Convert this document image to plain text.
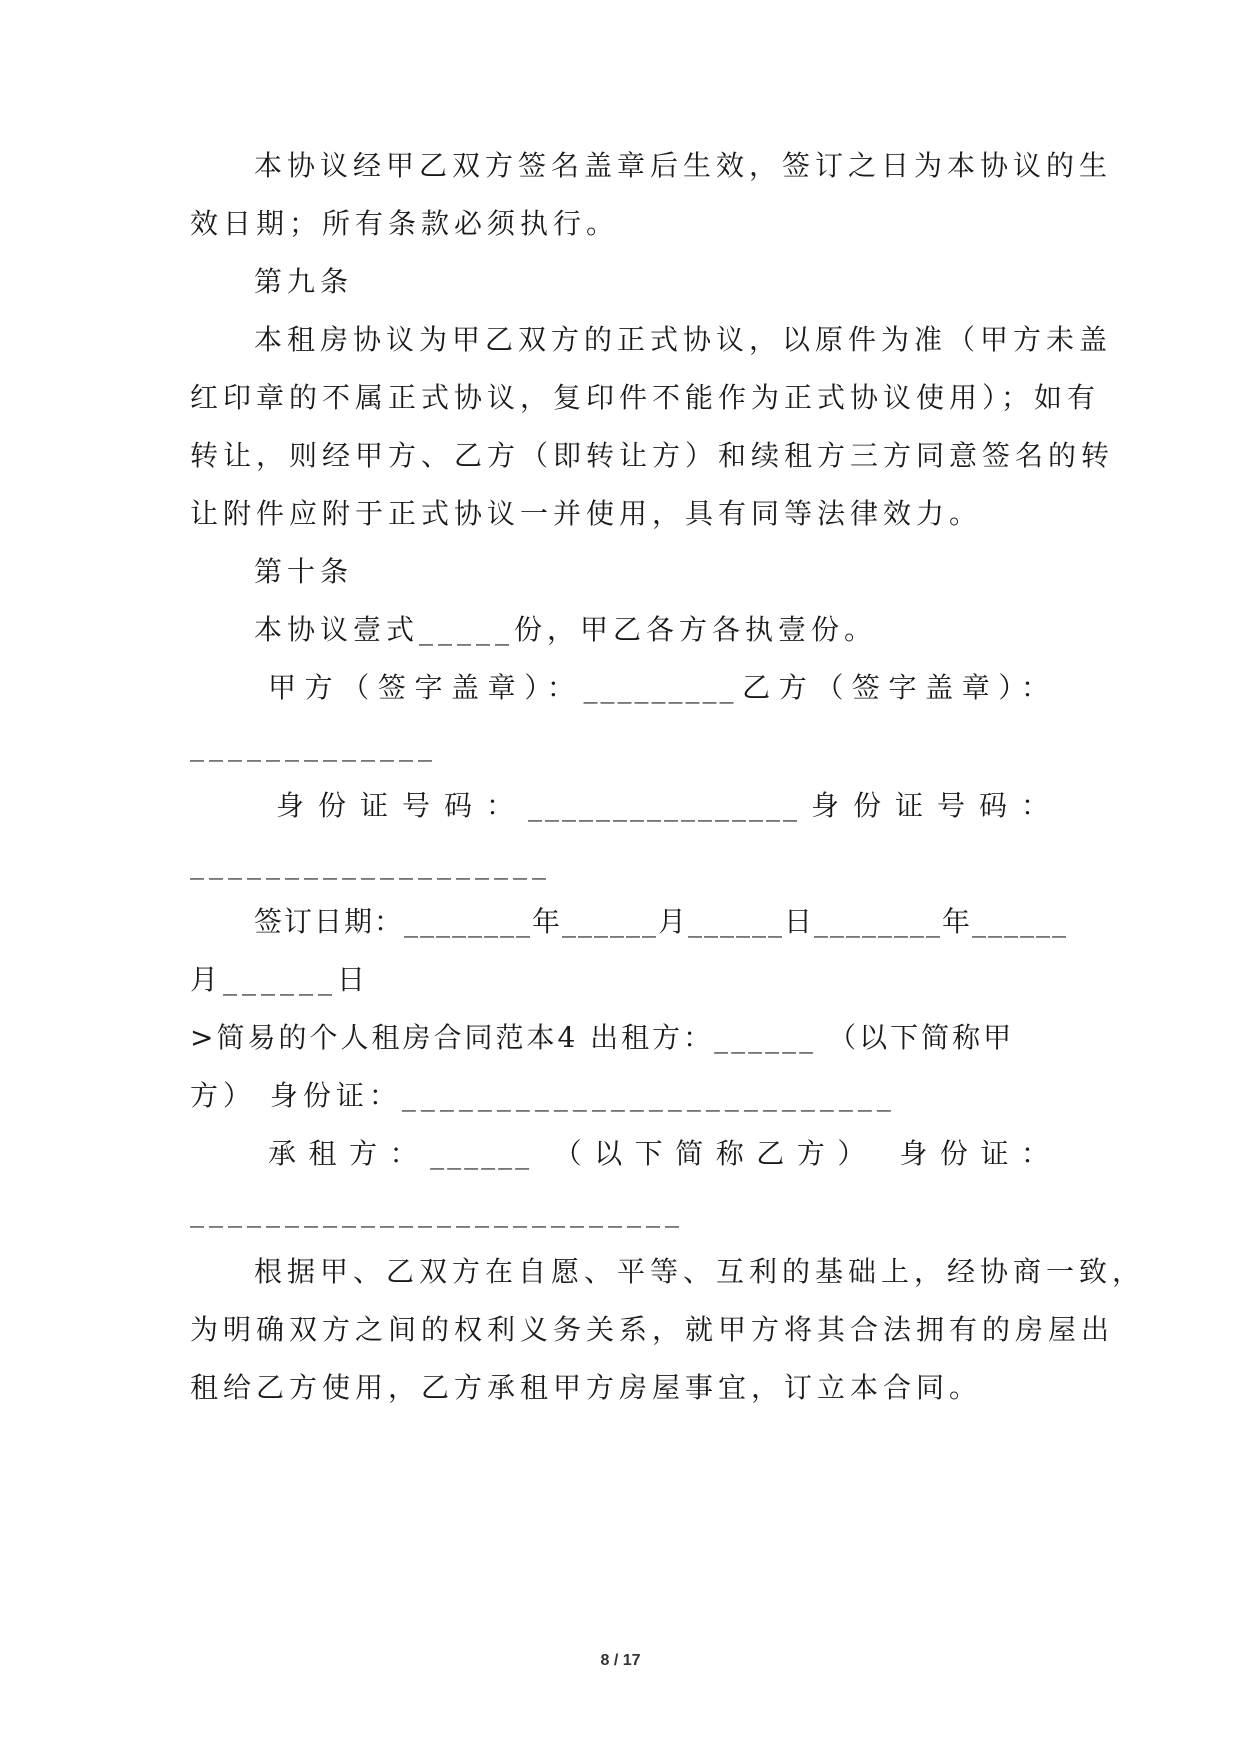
本协议经甲乙双方签名盖章后生效，签订之日为本协议的生
效日期；所有条款必须执行。
第九条
本租房协议为甲乙双方的正式协议，以原件为准（甲方未盖
红印章的不属正式协议，复印件不能作为正式协议使用）；如有
转让，则经甲方、乙方（即转让方）和续租方三方同意签名的转
让附件应附于正式协议一并使用，具有同等法律效力。
第十条
本协议壹式_____份，甲乙各方各执壹份。
甲方（签字盖章）：_________乙方（签字盖章）：
_____________
身份证号码：________________身份证号码：
___________________
签订日期：________年______月______日________年______
月______日
>简易的个人租房合同范本4 出租方：______ （以下简称甲
方） 身份证：__________________________
承租方：______ （以下简称乙方） 身份证：
__________________________
根据甲、乙双方在自愿、平等、互利的基础上，经协商一致，
为明确双方之间的权利义务关系，就甲方将其合法拥有的房屋出
租给乙方使用，乙方承租甲方房屋事宜，订立本合同。
8 / 17
